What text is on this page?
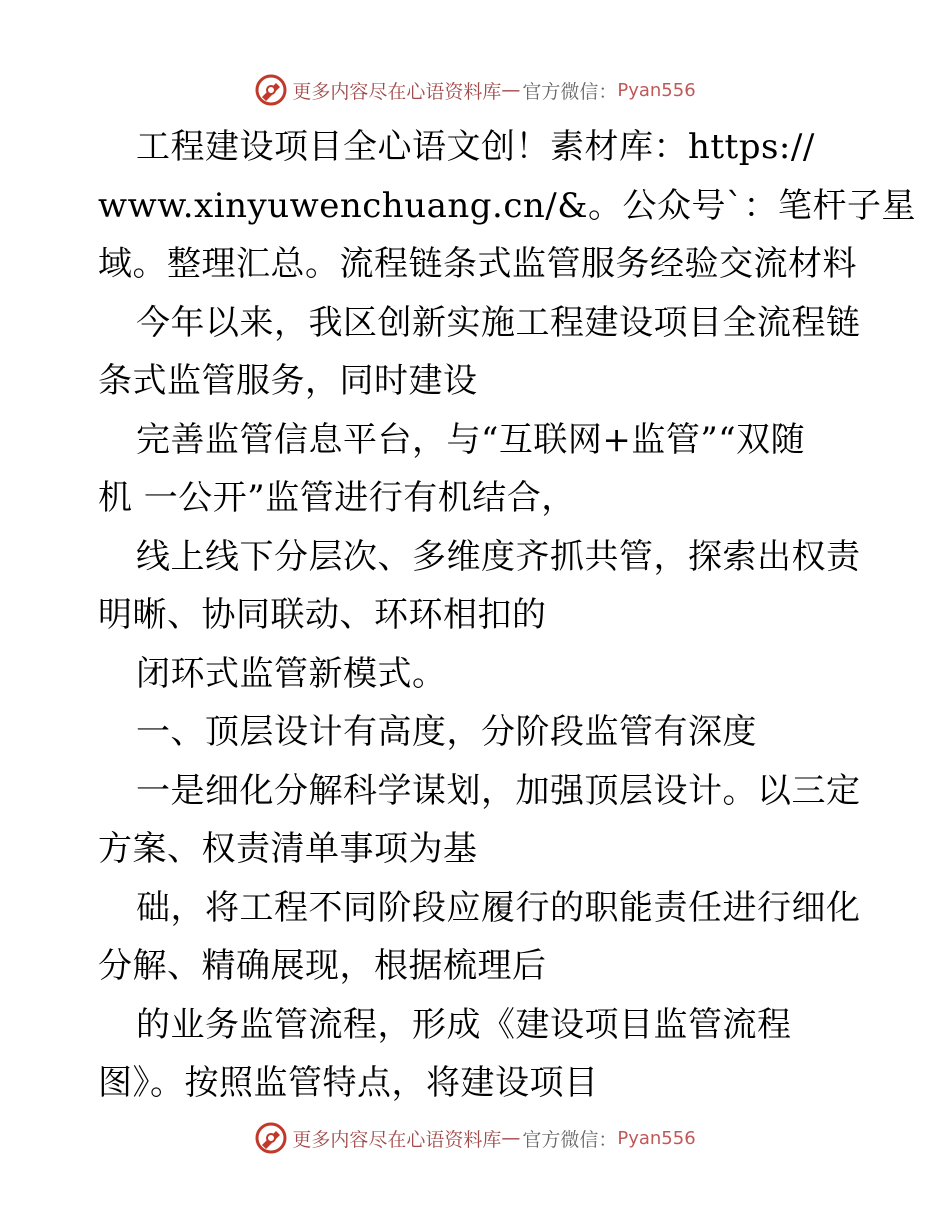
更多内容尽在心语资料库 — 官方微信： Pyan556
工程建设项目全心语文创！素材库：https://
www.xinyuwenchuang.cn/&。公众号`：笔杆子星
域。整理汇总。流程链条式监管服务经验交流材料
今年以来，我区创新实施工程建设项目全流程链
条式监管服务，同时建设
完善监管信息平台，与“互联网+监管”“双随
机 一公开”监管进行有机结合，
线上线下分层次、多维度齐抓共管，探索出权责
明晰、协同联动、环环相扣的
闭环式监管新模式。
一、顶层设计有高度，分阶段监管有深度
一是细化分解科学谋划，加强顶层设计。以三定
方案、权责清单事项为基
础，将工程不同阶段应履行的职能责任进行细化
分解、精确展现，根据梳理后
的业务监管流程，形成《建设项目监管流程
图》。按照监管特点，将建设项目
更多内容尽在心语资料库 — 官方微信： Pyan556
